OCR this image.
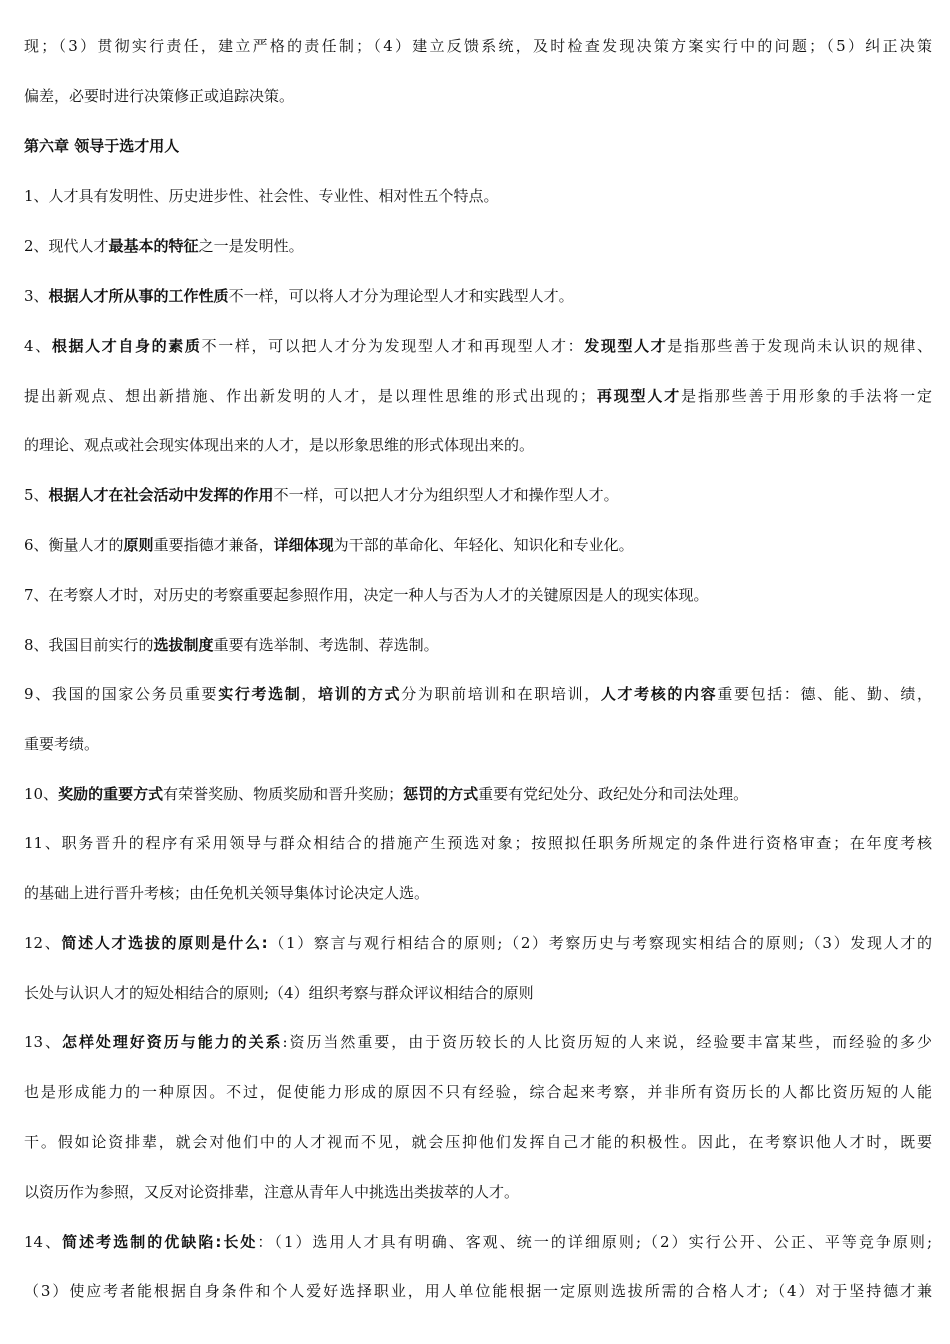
现；（3）贯彻实行责任，建立严格的责任制；（4）建立反馈系统，及时检查发现决策方案实行中的问题；（5）纠正决策
偏差，必要时进行决策修正或追踪决策。
第六章 领导于选才用人
1、人才具有发明性、历史进步性、社会性、专业性、相对性五个特点。
2、现代人才最基本的特征之一是发明性。
3、根据人才所从事的工作性质不一样，可以将人才分为理论型人才和实践型人才。
4、根据人才自身的素质不一样，可以把人才分为发现型人才和再现型人才：发现型人才是指那些善于发现尚未认识的规律、
提出新观点、想出新措施、作出新发明的人才，是以理性思维的形式出现的；再现型人才是指那些善于用形象的手法将一定
的理论、观点或社会现实体现出来的人才，是以形象思维的形式体现出来的。
5、根据人才在社会活动中发挥的作用不一样，可以把人才分为组织型人才和操作型人才。
6、衡量人才的原则重要指德才兼备，详细体现为干部的革命化、年轻化、知识化和专业化。
7、在考察人才时，对历史的考察重要起参照作用，决定一种人与否为人才的关键原因是人的现实体现。
8、我国目前实行的选拔制度重要有选举制、考选制、荐选制。
9、我国的国家公务员重要实行考选制，培训的方式分为职前培训和在职培训，人才考核的内容重要包括：德、能、勤、绩，
重要考绩。
10、奖励的重要方式有荣誉奖励、物质奖励和晋升奖励；惩罚的方式重要有党纪处分、政纪处分和司法处理。
11、职务晋升的程序有采用领导与群众相结合的措施产生预选对象；按照拟任职务所规定的条件进行资格审查；在年度考核
的基础上进行晋升考核；由任免机关领导集体讨论决定人选。
12、简述人才选拔的原则是什么:（1）察言与观行相结合的原则;（2）考察历史与考察现实相结合的原则;（3）发现人才的
长处与认识人才的短处相结合的原则;（4）组织考察与群众评议相结合的原则
13、怎样处理好资历与能力的关系:资历当然重要，由于资历较长的人比资历短的人来说，经验要丰富某些，而经验的多少
也是形成能力的一种原因。不过，促使能力形成的原因不只有经验，综合起来考察，并非所有资历长的人都比资历短的人能
干。假如论资排辈，就会对他们中的人才视而不见，就会压抑他们发挥自己才能的积极性。因此，在考察识他人才时，既要
以资历作为参照，又反对论资排辈，注意从青年人中挑选出类拔萃的人才。
14、简述考选制的优缺陷:长处：（1）选用人才具有明确、客观、统一的详细原则;（2）实行公开、公正、平等竞争原则;
（3）使应考者能根据自身条件和个人爱好选择职业，用人单位能根据一定原则选拔所需的合格人才;（4）对于坚持德才兼
